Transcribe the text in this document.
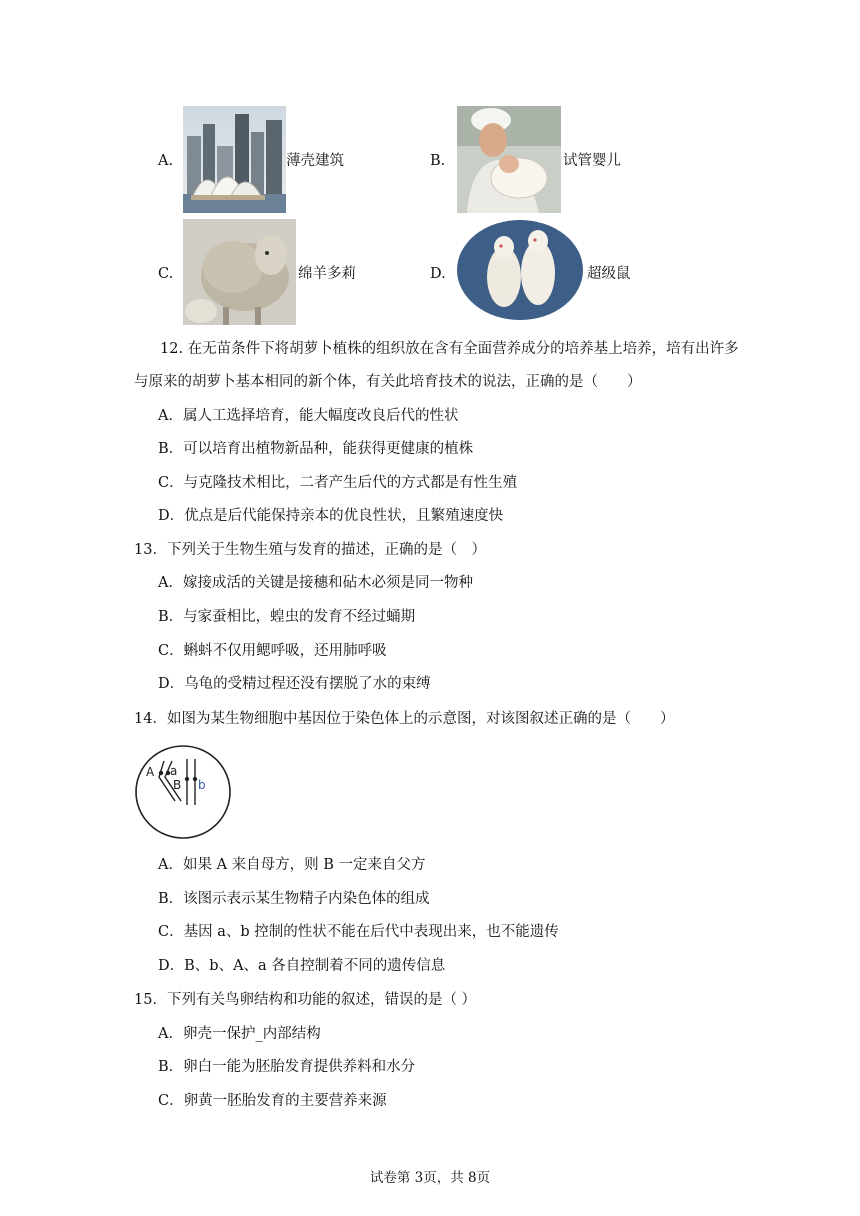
A.	薄壳建筑	B.	试管婴儿
C.	绵羊多莉	D.	超级鼠
12. 在无苗条件下将胡萝卜植株的组织放在含有全面营养成分的培养基上培养，培有出许多
与原来的胡萝卜基本相同的新个体，有关此培育技术的说法，正确的是（　　）
A．属人工选择培育，能大幅度改良后代的性状
B．可以培育出植物新品种，能获得更健康的植株
C．与克隆技术相比，二者产生后代的方式都是有性生殖
D．优点是后代能保持亲本的优良性状，且繁殖速度快
13．下列关于生物生殖与发育的描述，正确的是（　）
A．嫁接成活的关键是接穗和砧木必须是同一物种
B．与家蚕相比，蝗虫的发育不经过蛹期
C．蝌蚪不仅用鳃呼吸，还用肺呼吸
D．乌龟的受精过程还没有摆脱了水的束缚
14．如图为某生物细胞中基因位于染色体上的示意图，对该图叙述正确的是（　　）
A a
B b
A．如果 A 来自母方，则 B 一定来自父方
B．该图示表示某生物精子内染色体的组成
C．基因 a、b 控制的性状不能在后代中表现出来，也不能遗传
D．B、b、A、a 各自控制着不同的遗传信息
15．下列有关鸟卵结构和功能的叙述，错误的是（ ）
A．卵壳一保护_内部结构
B．卵白一能为胚胎发育提供养料和水分
C．卵黄一胚胎发育的主要营养来源
试卷第 3页，共 8页
